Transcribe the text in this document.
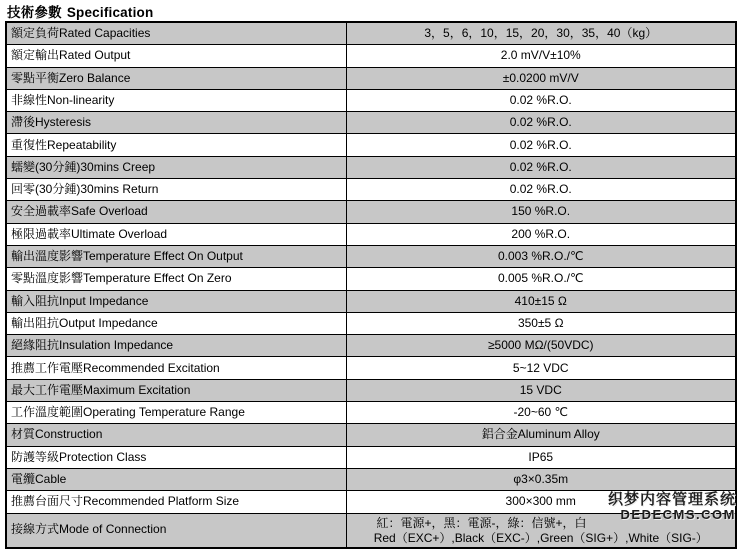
技術參數 Specification
額定負荷Rated Capacities	3，5，6，10，15，20，30，35，40（kg）
額定輸出Rated Output	2.0 mV/V±10%
零點平衡Zero Balance	±0.0200 mV/V
非線性Non-linearity	0.02 %R.O.
滯後Hysteresis	0.02 %R.O.
重復性Repeatability	0.02 %R.O.
蠕變(30分鍾)30mins Creep	0.02 %R.O.
回零(30分鍾)30mins Return	0.02 %R.O.
安全過載率Safe Overload	150 %R.O.
極限過載率Ultimate Overload	200 %R.O.
輸出溫度影響Temperature Effect On Output	0.003 %R.O./℃
零點溫度影響Temperature Effect On Zero	0.005 %R.O./℃
輸入阻抗Input Impedance	410±15 Ω
輸出阻抗Output Impedance	350±5 Ω
絕緣阻抗Insulation Impedance	≥5000 MΩ/(50VDC)
推薦工作電壓Recommended Excitation	5~12 VDC
最大工作電壓Maximum Excitation	15 VDC
工作溫度範圍Operating Temperature Range	-20~60 ℃
材質Construction	鋁合金Aluminum Alloy
防護等級Protection Class	IP65
電纜Cable	φ3×0.35m
推薦台面尺寸Recommended Platform Size	300×300 mm
接線方式Mode of Connection	紅：電源+，黑：電源-，綠：信號+，白
Red（EXC+）,Black（EXC-）,Green（SIG+）,White（SIG-）
织梦内容管理系统
DEDECMS.COM
